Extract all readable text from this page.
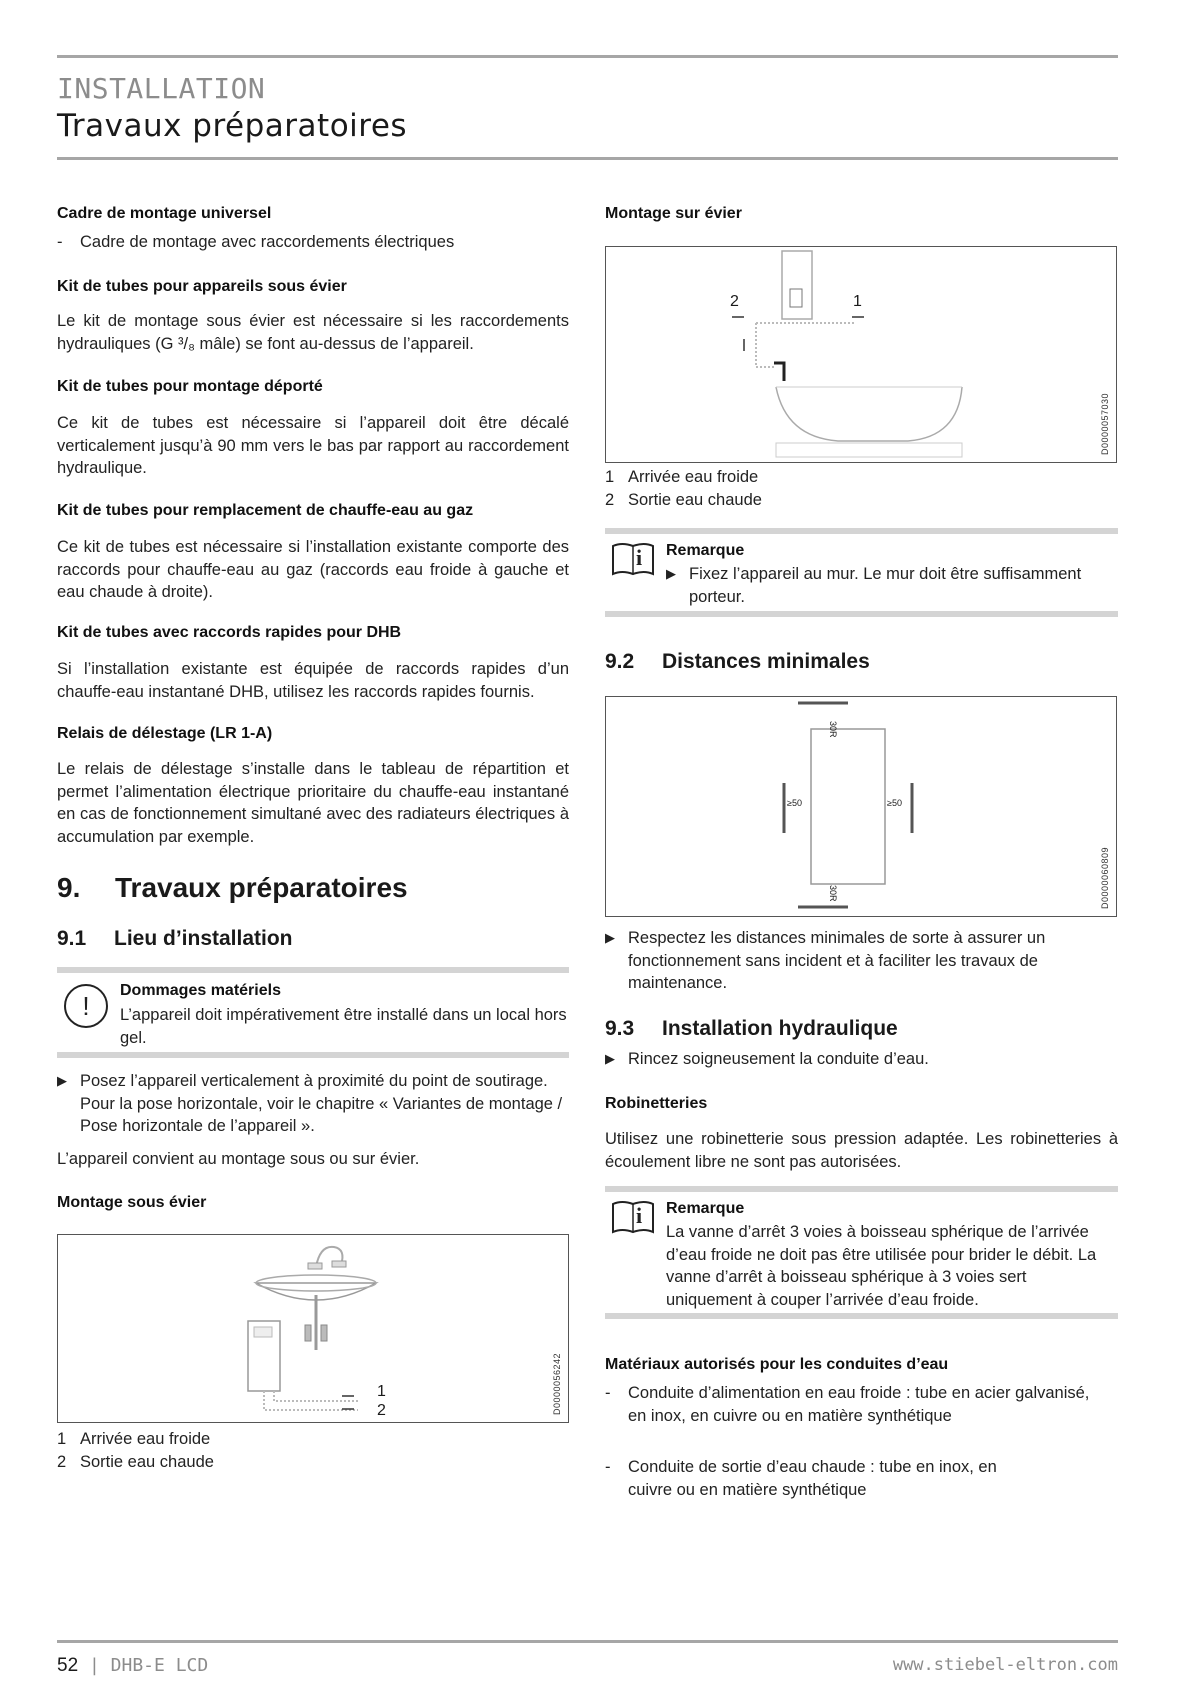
INSTALLATION
Travaux préparatoires
Cadre de montage universel
- Cadre de montage avec raccordements électriques
Kit de tubes pour appareils sous évier
Le kit de montage sous évier est nécessaire si les raccordements hydrauliques (G ³/₈ mâle) se font au-dessus de l’appareil.
Kit de tubes pour montage déporté
Ce kit de tubes est nécessaire si l’appareil doit être décalé verticalement jusqu’à 90 mm vers le bas par rapport au raccordement hydraulique.
Kit de tubes pour remplacement de chauffe-eau au gaz
Ce kit de tubes est nécessaire si l’installation existante comporte des raccords pour chauffe-eau au gaz (raccords eau froide à gauche et eau chaude à droite).
Kit de tubes avec raccords rapides pour DHB
Si l’installation existante est équipée de raccords rapides d’un chauffe-eau instantané DHB, utilisez les raccords rapides fournis.
Relais de délestage (LR 1-A)
Le relais de délestage s’installe dans le tableau de répartition et permet l’alimentation électrique prioritaire du chauffe-eau instantané en cas de fonctionnement simultané avec des radiateurs électriques à accumulation par exemple.
9. Travaux préparatoires
9.1 Lieu d’installation
!
Dommages matériels
L’appareil doit impérativement être installé dans un local hors gel.
▶ Posez l’appareil verticalement à proximité du point de soutirage. Pour la pose horizontale, voir le chapitre « Variantes de montage / Pose horizontale de l’appareil ».
L’appareil convient au montage sous ou sur évier.
Montage sous évier
1
2	D0000056242
1 Arrivée eau froide
2 Sortie eau chaude
Montage sur évier
2	1
D0000057030
1 Arrivée eau froide
2 Sortie eau chaude
i Remarque
▶ Fixez l’appareil au mur. Le mur doit être suffisamment porteur.
9.2 Distances minimales
30R
≥50	≥50
30R	D0000060809
▶ Respectez les distances minimales de sorte à assurer un fonctionnement sans incident et à faciliter les travaux de maintenance.
9.3 Installation hydraulique
▶ Rincez soigneusement la conduite d’eau.
Robinetteries
Utilisez une robinetterie sous pression adaptée. Les robinetteries à écoulement libre ne sont pas autorisées.
i Remarque
La vanne d’arrêt 3 voies à boisseau sphérique de l’arrivée d’eau froide ne doit pas être utilisée pour brider le débit. La vanne d’arrêt à boisseau sphérique à 3 voies sert uniquement à couper l’arrivée d’eau froide.
Matériaux autorisés pour les conduites d’eau
- Conduite d’alimentation en eau froide : tube en acier galvanisé, en inox, en cuivre ou en matière synthétique
- Conduite de sortie d’eau chaude : tube en inox, en cuivre ou en matière synthétique
52 | DHB-E LCD	www.stiebel-eltron.com
